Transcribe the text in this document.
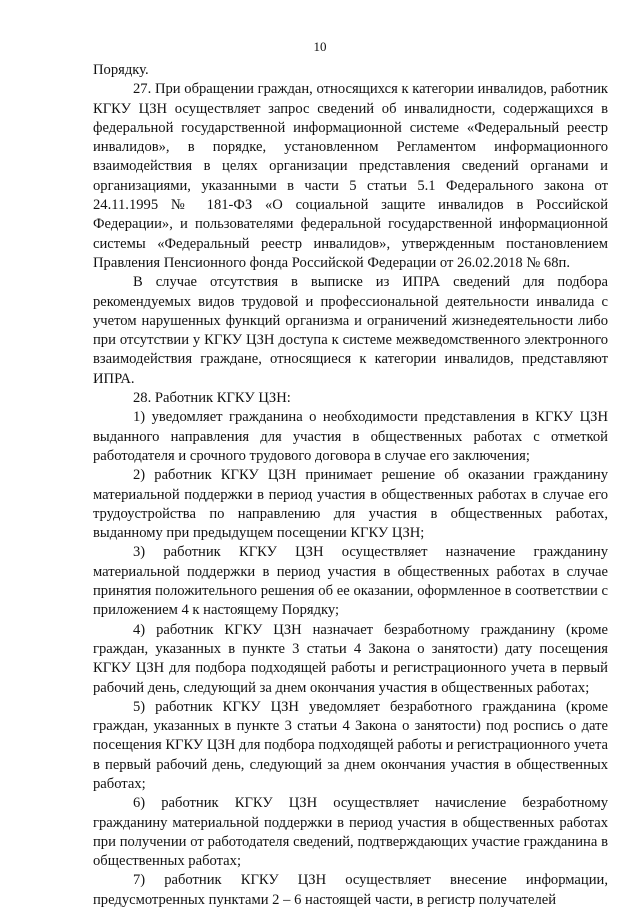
10

Порядку.

27. При обращении граждан, относящихся к категории инвалидов, работник КГКУ ЦЗН осуществляет запрос сведений об инвалидности, содержащихся в федеральной государственной информационной системе «Федеральный реестр инвалидов», в порядке, установленном Регламентом информационного взаимодействия в целях организации представления сведений органами и организациями, указанными в части 5 статьи 5.1 Федерального закона от 24.11.1995 № 181-ФЗ «О социальной защите инвалидов в Российской Федерации», и пользователями федеральной государственной информационной системы «Федеральный реестр инвалидов», утвержденным постановлением Правления Пенсионного фонда Российской Федерации от 26.02.2018 № 68п.

В случае отсутствия в выписке из ИПРА сведений для подбора рекомендуемых видов трудовой и профессиональной деятельности инвалида с учетом нарушенных функций организма и ограничений жизнедеятельности либо при отсутствии у КГКУ ЦЗН доступа к системе межведомственного электронного взаимодействия граждане, относящиеся к категории инвалидов, представляют ИПРА.

28. Работник КГКУ ЦЗН:

1) уведомляет гражданина о необходимости представления в КГКУ ЦЗН выданного направления для участия в общественных работах с отметкой работодателя и срочного трудового договора в случае его заключения;

2) работник КГКУ ЦЗН принимает решение об оказании гражданину материальной поддержки в период участия в общественных работах в случае его трудоустройства по направлению для участия в общественных работах, выданному при предыдущем посещении КГКУ ЦЗН;

3) работник КГКУ ЦЗН осуществляет назначение гражданину материальной поддержки в период участия в общественных работах в случае принятия положительного решения об ее оказании, оформленное в соответствии с приложением 4 к настоящему Порядку;

4) работник КГКУ ЦЗН назначает безработному гражданину (кроме граждан, указанных в пункте 3 статьи 4 Закона о занятости) дату посещения КГКУ ЦЗН для подбора подходящей работы и регистрационного учета в первый рабочий день, следующий за днем окончания участия в общественных работах;

5) работник КГКУ ЦЗН уведомляет безработного гражданина (кроме граждан, указанных в пункте 3 статьи 4 Закона о занятости) под роспись о дате посещения КГКУ ЦЗН для подбора подходящей работы и регистрационного учета в первый рабочий день, следующий за днем окончания участия в общественных работах;

6) работник КГКУ ЦЗН осуществляет начисление безработному гражданину материальной поддержки в период участия в общественных работах при получении от работодателя сведений, подтверждающих участие гражданина в общественных работах;

7) работник КГКУ ЦЗН осуществляет внесение информации, предусмотренных пунктами 2 – 6 настоящей части, в регистр получателей
